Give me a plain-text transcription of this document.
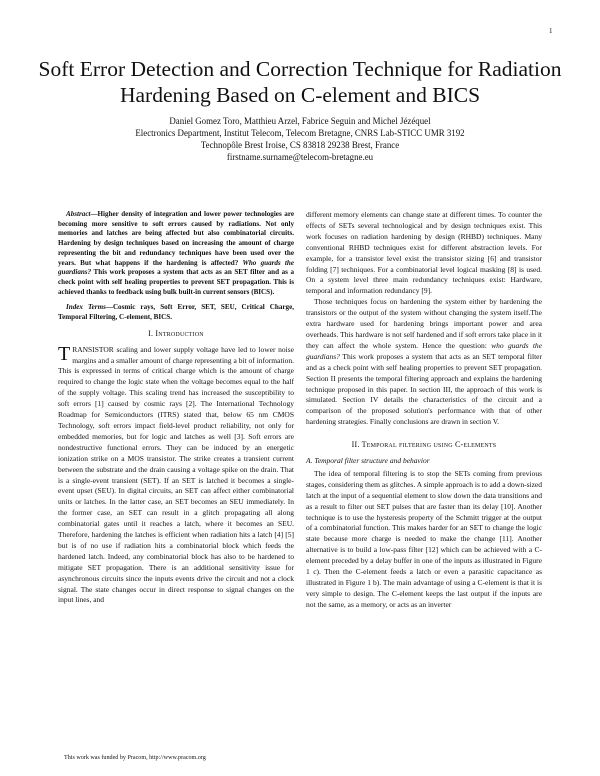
1
Soft Error Detection and Correction Technique for Radiation Hardening Based on C-element and BICS
Daniel Gomez Toro, Matthieu Arzel, Fabrice Seguin and Michel Jézéquel
Electronics Department, Institut Telecom, Telecom Bretagne, CNRS Lab-STICC UMR 3192
Technopôle Brest Iroise, CS 83818 29238 Brest, France
firstname.surname@telecom-bretagne.eu

Abstract—Higher density of integration and lower power technologies are becoming more sensitive to soft errors caused by radiations. Not only memories and latches are being affected but also combinatorial circuits. Hardening by design techniques based on increasing the amount of charge representing the bit and redundancy techniques have been used over the years. But what happens if the hardening is affected? Who guards the guardians? This work proposes a system that acts as an SET filter and as a check point with self healing properties to prevent SET propagation. This is achieved thanks to feedback using bulk built-in current sensors (BICS).

Index Terms—Cosmic rays, Soft Error, SET, SEU, Critical Charge, Temporal Filtering, C-element, BICS.

I. Introduction

TRANSISTOR scaling and lower supply voltage have led to lower noise margins and a smaller amount of charge representing a bit of information. This is expressed in terms of critical charge which is the amount of charge required to change the logic state when the voltage becomes equal to the half of the supply voltage. This scaling trend has increased the susceptibility to soft errors [1] caused by cosmic rays [2]. The International Technology Roadmap for Semiconductors (ITRS) stated that, below 65 nm CMOS Technology, soft errors impact field-level product reliability, not only for embedded memories, but for logic and latches as well [3]. Soft errors are nondestructive functional errors. They can be induced by an energetic ionization strike on a MOS transistor. The strike creates a transient current between the substrate and the drain causing a voltage spike on the drain. That is a single-event transient (SET). If an SET is latched it becomes a single-event upset (SEU). In digital circuits, an SET can affect either combinatorial units or latches. In the latter case, an SET becomes an SEU immediately. In the former case, an SET can result in a glitch propagating all along combinatorial gates until it reaches a latch, where it becomes an SEU. Therefore, hardening the latches is efficient when radiation hits a latch [4] [5] but is of no use if radiation hits a combinatorial block which feeds the hardened latch. Indeed, any combinatorial block has also to be hardened to mitigate SET propagation. There is an additional sensitivity issue for asynchronous circuits since the inputs events drive the circuit and not a clock signal. The state changes occur in direct response to signal changes on the input lines, and

different memory elements can change state at different times. To counter the effects of SETs several technological and by design techniques exist. This work focuses on radiation hardening by design (RHBD) techniques. Many conventional RHBD techniques exist for different abstraction levels. For example, for a transistor level exist the transistor sizing [6] and transistor folding [7] techniques. For a combinatorial level logical masking [8] is used. On a system level three main redundancy techniques exist: Hardware, temporal and information redundancy [9].

Those techniques focus on hardening the system either by hardening the transistors or the output of the system without changing the system itself.The extra hardware used for hardening brings important power and area overheads. This hardware is not self hardened and if soft errors take place in it they can affect the whole system. Hence the question: who guards the guardians? This work proposes a system that acts as an SET temporal filter and as a check point with self healing properties to prevent SET propagation. Section II presents the temporal filtering approach and explains the hardening technique proposed in this paper. In section III, the approach of this work is simulated. Section IV details the characteristics of the circuit and a comparison of the proposed solution's performance with that of other hardening strategies. Finally conclusions are drawn in section V.

II. Temporal filtering using C-elements

A. Temporal filter structure and behavior

The idea of temporal filtering is to stop the SETs coming from previous stages, considering them as glitches. A simple approach is to add a down-sized latch at the input of a sequential element to slow down the data transitions and as a result to filter out SET pulses that are faster than its delay [10]. Another technique is to use the hysteresis property of the Schmitt trigger at the output of a combinatorial function. This makes harder for an SET to change the logic state because more charge is needed to make the change [11]. Another alternative is to build a low-pass filter [12] which can be achieved with a C-element preceded by a delay buffer in one of the inputs as illustrated in Figure 1 c). Then the C-element feeds a latch or even a parasitic capacitance as illustrated in Figure 1 b). The main advantage of using a C-element is that it is very simple to design. The C-element keeps the last output if the inputs are not the same, as a memory, or acts as an inverter

This work was funded by Pracom, http://www.pracom.org
